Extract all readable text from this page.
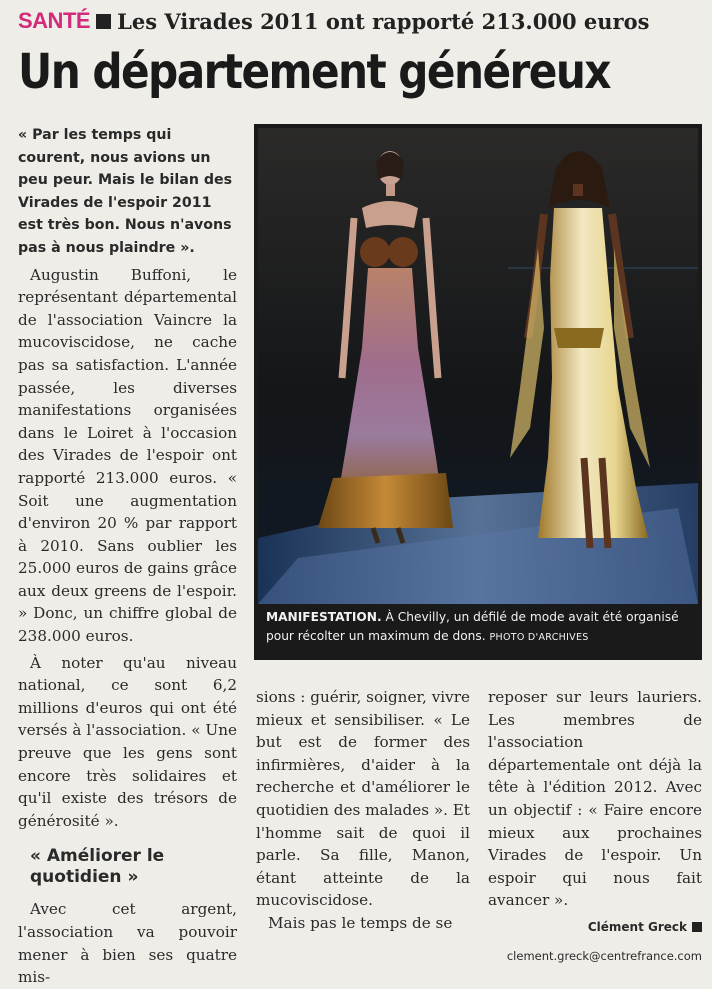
SANTÉ Les Virades 2011 ont rapporté 213.000 euros
Un département généreux

« Par les temps qui courent, nous avions un peu peur. Mais le bilan des Virades de l'espoir 2011 est très bon. Nous n'avons pas à nous plaindre ».

Augustin Buffoni, le représentant départemental de l'association Vaincre la mucoviscidose, ne cache pas sa satisfaction. L'année passée, les diverses manifestations organisées dans le Loiret à l'occasion des Virades de l'espoir ont rapporté 213.000 euros. « Soit une augmentation d'environ 20 % par rapport à 2010. Sans oublier les 25.000 euros de gains grâce aux deux greens de l'espoir. » Donc, un chiffre global de 238.000 euros.

À noter qu'au niveau national, ce sont 6,2 millions d'euros qui ont été versés à l'association. « Une preuve que les gens sont encore très solidaires et qu'il existe des trésors de générosité ».

« Améliorer le quotidien »

Avec cet argent, l'association va pouvoir mener à bien ses quatre mis-

MANIFESTATION. À Chevilly, un défilé de mode avait été organisé pour récolter un maximum de dons. PHOTO D'ARCHIVES

sions : guérir, soigner, vivre mieux et sensibiliser. « Le but est de former des infirmières, d'aider à la recherche et d'améliorer le quotidien des malades ». Et l'homme sait de quoi il parle. Sa fille, Manon, étant atteinte de la mucoviscidose.

Mais pas le temps de se

reposer sur leurs lauriers. Les membres de l'association départementale ont déjà la tête à l'édition 2012. Avec un objectif : « Faire encore mieux aux prochaines Virades de l'espoir. Un espoir qui nous fait avancer ».

Clément Greck
clement.greck@centrefrance.com
